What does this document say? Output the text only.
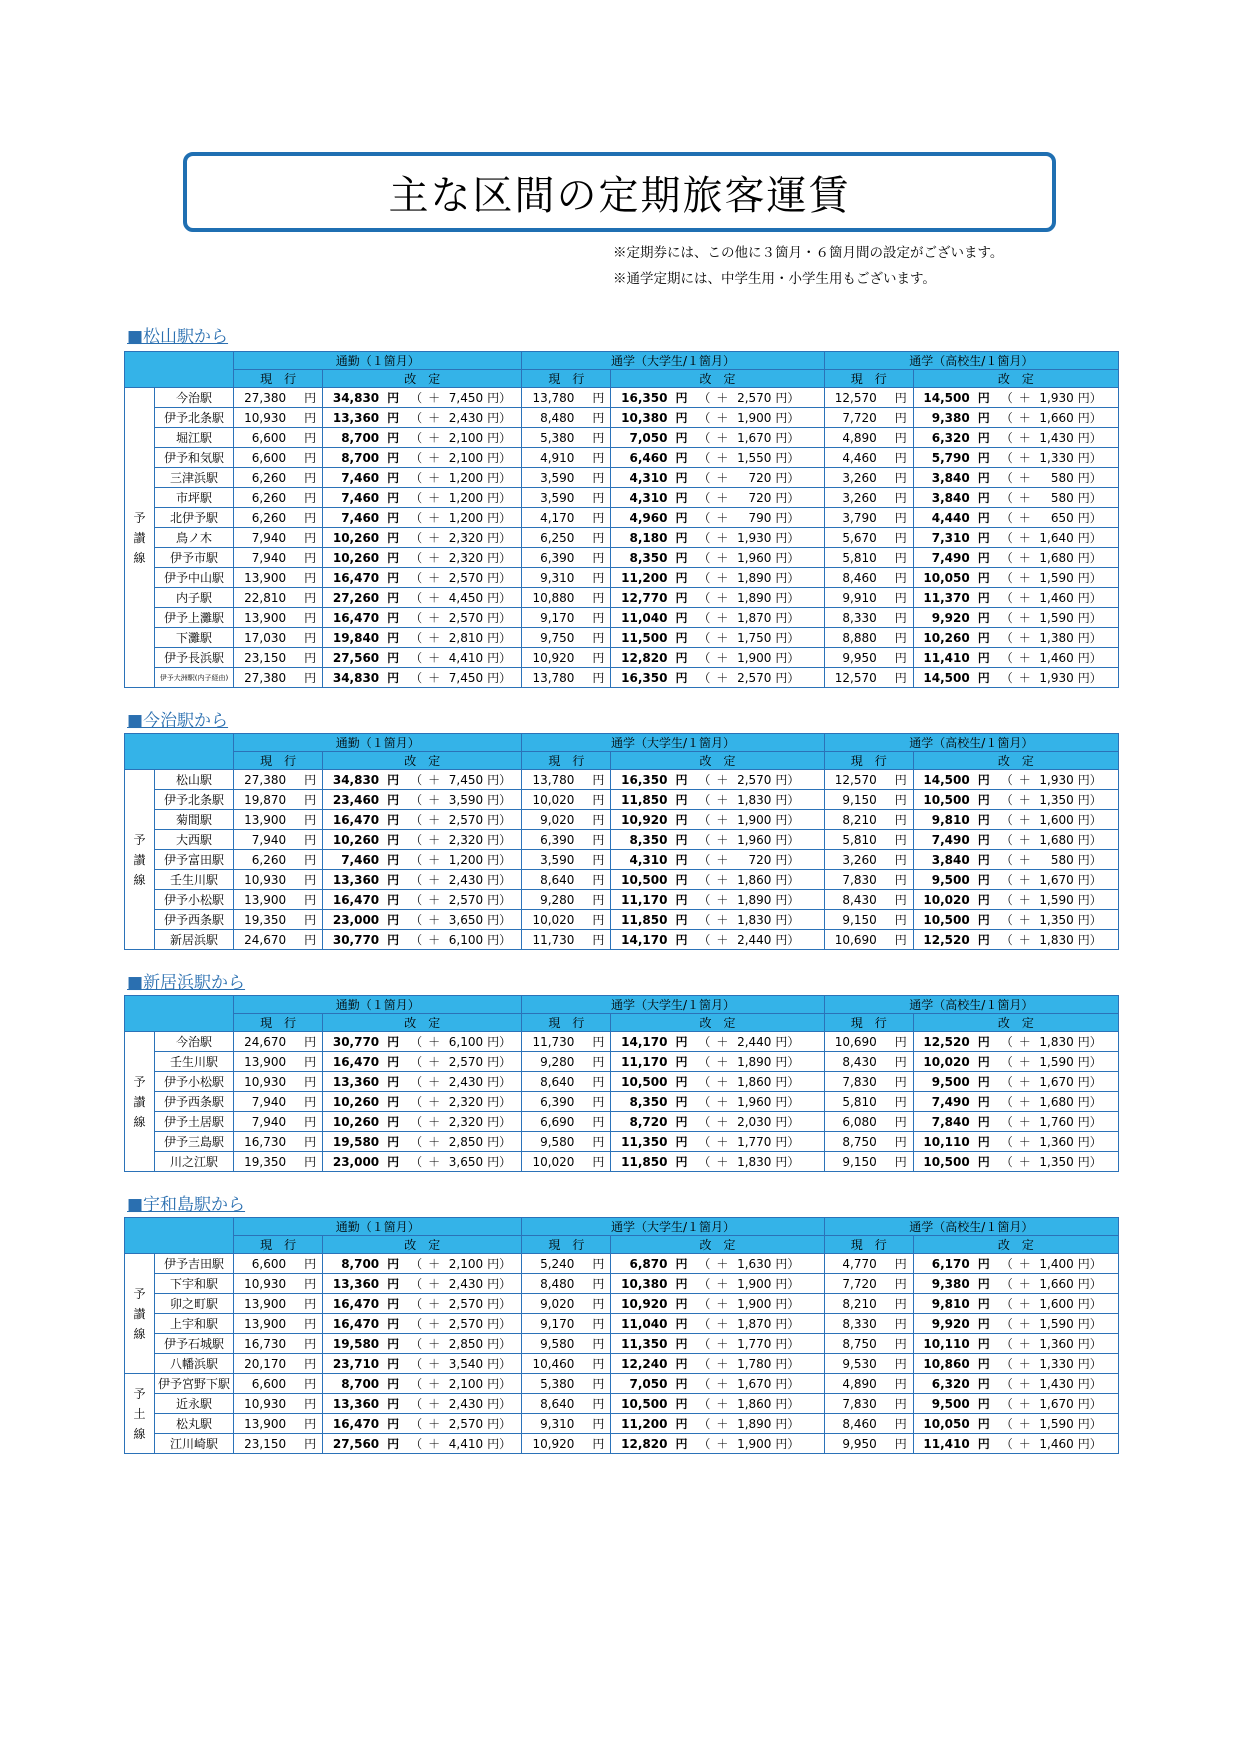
主な区間の定期旅客運賃
※定期券には、この他に３箇月・６箇月間の設定がございます。
※通学定期には、中学生用・小学生用もございます。
■松山駅から
		通勤（１箇月）		通学（大学生/１箇月）		通学（高校生/１箇月）	
		現　行	改　定	現　行	改　定	現　行	改　定
予
讃
線	今治駅	27,380 円	34,830 円 （ ＋ 7,450 円）	13,780 円	16,350 円 （ ＋ 2,570 円）	12,570 円	14,500 円 （ ＋ 1,930 円）
	伊予北条駅	10,930 円	13,360 円 （ ＋ 2,430 円）	8,480 円	10,380 円 （ ＋ 1,900 円）	7,720 円	9,380 円 （ ＋ 1,660 円）
	堀江駅	6,600 円	8,700 円 （ ＋ 2,100 円）	5,380 円	7,050 円 （ ＋ 1,670 円）	4,890 円	6,320 円 （ ＋ 1,430 円）
	伊予和気駅	6,600 円	8,700 円 （ ＋ 2,100 円）	4,910 円	6,460 円 （ ＋ 1,550 円）	4,460 円	5,790 円 （ ＋ 1,330 円）
	三津浜駅	6,260 円	7,460 円 （ ＋ 1,200 円）	3,590 円	4,310 円 （ ＋ 720 円）	3,260 円	3,840 円 （ ＋ 580 円）
	市坪駅	6,260 円	7,460 円 （ ＋ 1,200 円）	3,590 円	4,310 円 （ ＋ 720 円）	3,260 円	3,840 円 （ ＋ 580 円）
	北伊予駅	6,260 円	7,460 円 （ ＋ 1,200 円）	4,170 円	4,960 円 （ ＋ 790 円）	3,790 円	4,440 円 （ ＋ 650 円）
	鳥ノ木	7,940 円	10,260 円 （ ＋ 2,320 円）	6,250 円	8,180 円 （ ＋ 1,930 円）	5,670 円	7,310 円 （ ＋ 1,640 円）
	伊予市駅	7,940 円	10,260 円 （ ＋ 2,320 円）	6,390 円	8,350 円 （ ＋ 1,960 円）	5,810 円	7,490 円 （ ＋ 1,680 円）
	伊予中山駅	13,900 円	16,470 円 （ ＋ 2,570 円）	9,310 円	11,200 円 （ ＋ 1,890 円）	8,460 円	10,050 円 （ ＋ 1,590 円）
	内子駅	22,810 円	27,260 円 （ ＋ 4,450 円）	10,880 円	12,770 円 （ ＋ 1,890 円）	9,910 円	11,370 円 （ ＋ 1,460 円）
	伊予上灘駅	13,900 円	16,470 円 （ ＋ 2,570 円）	9,170 円	11,040 円 （ ＋ 1,870 円）	8,330 円	9,920 円 （ ＋ 1,590 円）
	下灘駅	17,030 円	19,840 円 （ ＋ 2,810 円）	9,750 円	11,500 円 （ ＋ 1,750 円）	8,880 円	10,260 円 （ ＋ 1,380 円）
	伊予長浜駅	23,150 円	27,560 円 （ ＋ 4,410 円）	10,920 円	12,820 円 （ ＋ 1,900 円）	9,950 円	11,410 円 （ ＋ 1,460 円）
	伊予大洲駅(内子経由)	27,380 円	34,830 円 （ ＋ 7,450 円）	13,780 円	16,350 円 （ ＋ 2,570 円）	12,570 円	14,500 円 （ ＋ 1,930 円）
■今治駅から
		通勤（１箇月）		通学（大学生/１箇月）		通学（高校生/１箇月）	
		現　行	改　定	現　行	改　定	現　行	改　定
予
讃
線	松山駅	27,380 円	34,830 円 （ ＋ 7,450 円）	13,780 円	16,350 円 （ ＋ 2,570 円）	12,570 円	14,500 円 （ ＋ 1,930 円）
	伊予北条駅	19,870 円	23,460 円 （ ＋ 3,590 円）	10,020 円	11,850 円 （ ＋ 1,830 円）	9,150 円	10,500 円 （ ＋ 1,350 円）
	菊間駅	13,900 円	16,470 円 （ ＋ 2,570 円）	9,020 円	10,920 円 （ ＋ 1,900 円）	8,210 円	9,810 円 （ ＋ 1,600 円）
	大西駅	7,940 円	10,260 円 （ ＋ 2,320 円）	6,390 円	8,350 円 （ ＋ 1,960 円）	5,810 円	7,490 円 （ ＋ 1,680 円）
	伊予富田駅	6,260 円	7,460 円 （ ＋ 1,200 円）	3,590 円	4,310 円 （ ＋ 720 円）	3,260 円	3,840 円 （ ＋ 580 円）
	壬生川駅	10,930 円	13,360 円 （ ＋ 2,430 円）	8,640 円	10,500 円 （ ＋ 1,860 円）	7,830 円	9,500 円 （ ＋ 1,670 円）
	伊予小松駅	13,900 円	16,470 円 （ ＋ 2,570 円）	9,280 円	11,170 円 （ ＋ 1,890 円）	8,430 円	10,020 円 （ ＋ 1,590 円）
	伊予西条駅	19,350 円	23,000 円 （ ＋ 3,650 円）	10,020 円	11,850 円 （ ＋ 1,830 円）	9,150 円	10,500 円 （ ＋ 1,350 円）
	新居浜駅	24,670 円	30,770 円 （ ＋ 6,100 円）	11,730 円	14,170 円 （ ＋ 2,440 円）	10,690 円	12,520 円 （ ＋ 1,830 円）
■新居浜駅から
		通勤（１箇月）		通学（大学生/１箇月）		通学（高校生/１箇月）	
		現　行	改　定	現　行	改　定	現　行	改　定
予
讃
線	今治駅	24,670 円	30,770 円 （ ＋ 6,100 円）	11,730 円	14,170 円 （ ＋ 2,440 円）	10,690 円	12,520 円 （ ＋ 1,830 円）
	壬生川駅	13,900 円	16,470 円 （ ＋ 2,570 円）	9,280 円	11,170 円 （ ＋ 1,890 円）	8,430 円	10,020 円 （ ＋ 1,590 円）
	伊予小松駅	10,930 円	13,360 円 （ ＋ 2,430 円）	8,640 円	10,500 円 （ ＋ 1,860 円）	7,830 円	9,500 円 （ ＋ 1,670 円）
	伊予西条駅	7,940 円	10,260 円 （ ＋ 2,320 円）	6,390 円	8,350 円 （ ＋ 1,960 円）	5,810 円	7,490 円 （ ＋ 1,680 円）
	伊予土居駅	7,940 円	10,260 円 （ ＋ 2,320 円）	6,690 円	8,720 円 （ ＋ 2,030 円）	6,080 円	7,840 円 （ ＋ 1,760 円）
	伊予三島駅	16,730 円	19,580 円 （ ＋ 2,850 円）	9,580 円	11,350 円 （ ＋ 1,770 円）	8,750 円	10,110 円 （ ＋ 1,360 円）
	川之江駅	19,350 円	23,000 円 （ ＋ 3,650 円）	10,020 円	11,850 円 （ ＋ 1,830 円）	9,150 円	10,500 円 （ ＋ 1,350 円）
■宇和島駅から
		通勤（１箇月）		通学（大学生/１箇月）		通学（高校生/１箇月）	
		現　行	改　定	現　行	改　定	現　行	改　定
予
讃
線	伊予吉田駅	6,600 円	8,700 円 （ ＋ 2,100 円）	5,240 円	6,870 円 （ ＋ 1,630 円）	4,770 円	6,170 円 （ ＋ 1,400 円）
	下宇和駅	10,930 円	13,360 円 （ ＋ 2,430 円）	8,480 円	10,380 円 （ ＋ 1,900 円）	7,720 円	9,380 円 （ ＋ 1,660 円）
	卯之町駅	13,900 円	16,470 円 （ ＋ 2,570 円）	9,020 円	10,920 円 （ ＋ 1,900 円）	8,210 円	9,810 円 （ ＋ 1,600 円）
	上宇和駅	13,900 円	16,470 円 （ ＋ 2,570 円）	9,170 円	11,040 円 （ ＋ 1,870 円）	8,330 円	9,920 円 （ ＋ 1,590 円）
	伊予石城駅	16,730 円	19,580 円 （ ＋ 2,850 円）	9,580 円	11,350 円 （ ＋ 1,770 円）	8,750 円	10,110 円 （ ＋ 1,360 円）
	八幡浜駅	20,170 円	23,710 円 （ ＋ 3,540 円）	10,460 円	12,240 円 （ ＋ 1,780 円）	9,530 円	10,860 円 （ ＋ 1,330 円）
予
土
線	伊予宮野下駅	6,600 円	8,700 円 （ ＋ 2,100 円）	5,380 円	7,050 円 （ ＋ 1,670 円）	4,890 円	6,320 円 （ ＋ 1,430 円）
	近永駅	10,930 円	13,360 円 （ ＋ 2,430 円）	8,640 円	10,500 円 （ ＋ 1,860 円）	7,830 円	9,500 円 （ ＋ 1,670 円）
	松丸駅	13,900 円	16,470 円 （ ＋ 2,570 円）	9,310 円	11,200 円 （ ＋ 1,890 円）	8,460 円	10,050 円 （ ＋ 1,590 円）
	江川崎駅	23,150 円	27,560 円 （ ＋ 4,410 円）	10,920 円	12,820 円 （ ＋ 1,900 円）	9,950 円	11,410 円 （ ＋ 1,460 円）
